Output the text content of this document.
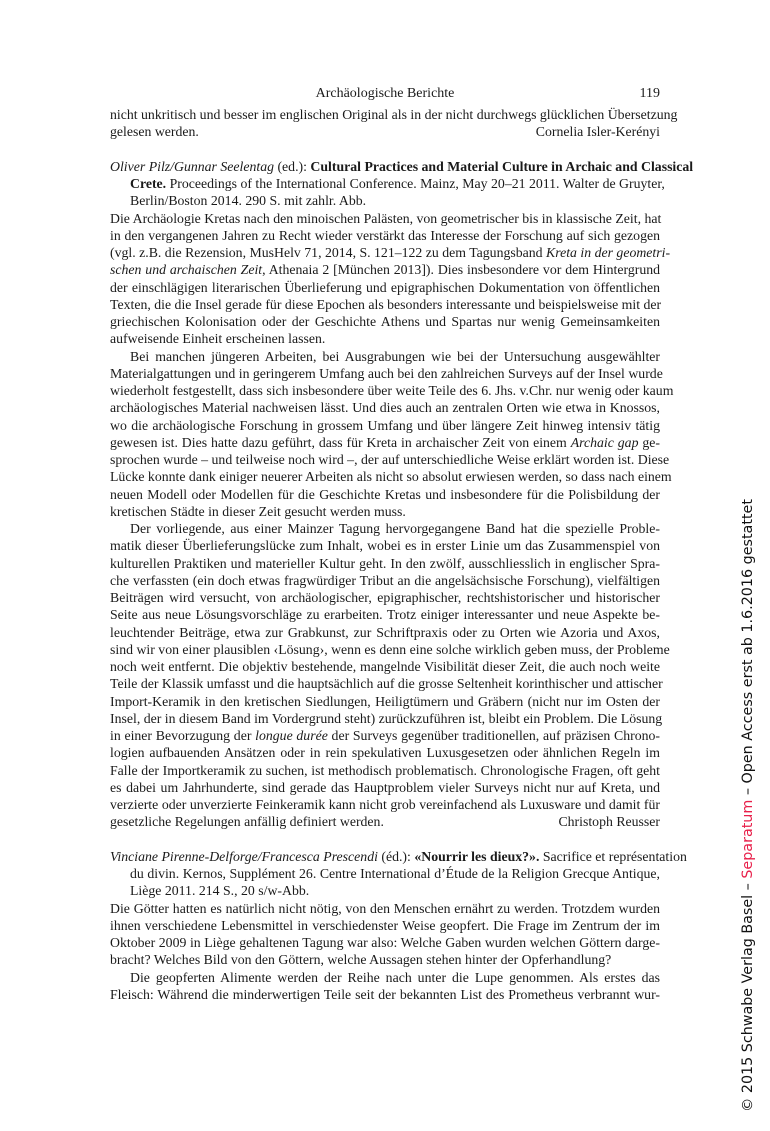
Archäologische Berichte	119
nicht unkritisch und besser im englischen Original als in der nicht durchwegs glücklichen Übersetzung
gelesen werden.	Cornelia Isler-Kerényi
Oliver Pilz/Gunnar Seelentag (ed.): Cultural Practices and Material Culture in Archaic and Classical
Crete. Proceedings of the International Conference. Mainz, May 20–21 2011. Walter de Gruyter,
Berlin/Boston 2014. 290 S. mit zahlr. Abb.
Die Archäologie Kretas nach den minoischen Palästen, von geometrischer bis in klassische Zeit, hat
in den vergangenen Jahren zu Recht wieder verstärkt das Interesse der Forschung auf sich gezogen
(vgl. z.B. die Rezension, MusHelv 71, 2014, S. 121–122 zu dem Tagungsband Kreta in der geometri-
schen und archaischen Zeit, Athenaia 2 [München 2013]). Dies insbesondere vor dem Hintergrund
der einschlägigen literarischen Überlieferung und epigraphischen Dokumentation von öffentlichen
Texten, die die Insel gerade für diese Epochen als besonders interessante und beispielsweise mit der
griechischen Kolonisation oder der Geschichte Athens und Spartas nur wenig Gemeinsamkeiten
aufweisende Einheit erscheinen lassen.
Bei manchen jüngeren Arbeiten, bei Ausgrabungen wie bei der Untersuchung ausgewählter
Materialgattungen und in geringerem Umfang auch bei den zahlreichen Surveys auf der Insel wurde
wiederholt festgestellt, dass sich insbesondere über weite Teile des 6. Jhs. v.Chr. nur wenig oder kaum
archäologisches Material nachweisen lässt. Und dies auch an zentralen Orten wie etwa in Knossos,
wo die archäologische Forschung in grossem Umfang und über längere Zeit hinweg intensiv tätig
gewesen ist. Dies hatte dazu geführt, dass für Kreta in archaischer Zeit von einem Archaic gap ge-
sprochen wurde – und teilweise noch wird –, der auf unterschiedliche Weise erklärt worden ist. Diese
Lücke konnte dank einiger neuerer Arbeiten als nicht so absolut erwiesen werden, so dass nach einem
neuen Modell oder Modellen für die Geschichte Kretas und insbesondere für die Polisbildung der
kretischen Städte in dieser Zeit gesucht werden muss.
Der vorliegende, aus einer Mainzer Tagung hervorgegangene Band hat die spezielle Proble-
matik dieser Überlieferungslücke zum Inhalt, wobei es in erster Linie um das Zusammenspiel von
kulturellen Praktiken und materieller Kultur geht. In den zwölf, ausschliesslich in englischer Spra-
che verfassten (ein doch etwas fragwürdiger Tribut an die angelsächsische Forschung), vielfältigen
Beiträgen wird versucht, von archäologischer, epigraphischer, rechtshistorischer und historischer
Seite aus neue Lösungsvorschläge zu erarbeiten. Trotz einiger interessanter und neue Aspekte be-
leuchtender Beiträge, etwa zur Grabkunst, zur Schriftpraxis oder zu Orten wie Azoria und Axos,
sind wir von einer plausiblen ‹Lösung›, wenn es denn eine solche wirklich geben muss, der Probleme
noch weit entfernt. Die objektiv bestehende, mangelnde Visibilität dieser Zeit, die auch noch weite
Teile der Klassik umfasst und die hauptsächlich auf die grosse Seltenheit korinthischer und attischer
Import-Keramik in den kretischen Siedlungen, Heiligtümern und Gräbern (nicht nur im Osten der
Insel, der in diesem Band im Vordergrund steht) zurückzuführen ist, bleibt ein Problem. Die Lösung
in einer Bevorzugung der longue durée der Surveys gegenüber traditionellen, auf präzisen Chrono-
logien aufbauenden Ansätzen oder in rein spekulativen Luxusgesetzen oder ähnlichen Regeln im
Falle der Importkeramik zu suchen, ist methodisch problematisch. Chronologische Fragen, oft geht
es dabei um Jahrhunderte, sind gerade das Hauptproblem vieler Surveys nicht nur auf Kreta, und
verzierte oder unverzierte Feinkeramik kann nicht grob vereinfachend als Luxusware und damit für
gesetzliche Regelungen anfällig definiert werden.	Christoph Reusser
Vinciane Pirenne-Delforge/Francesca Prescendi (éd.): «Nourrir les dieux?». Sacrifice et représentation
du divin. Kernos, Supplément 26. Centre International d’Étude de la Religion Grecque Antique,
Liège 2011. 214 S., 20 s/w-Abb.
Die Götter hatten es natürlich nicht nötig, von den Menschen ernährt zu werden. Trotzdem wurden
ihnen verschiedene Lebensmittel in verschiedenster Weise geopfert. Die Frage im Zentrum der im
Oktober 2009 in Liège gehaltenen Tagung war also: Welche Gaben wurden welchen Göttern darge-
bracht? Welches Bild von den Göttern, welche Aussagen stehen hinter der Opferhandlung?
Die geopferten Alimente werden der Reihe nach unter die Lupe genommen. Als erstes das
Fleisch: Während die minderwertigen Teile seit der bekannten List des Prometheus verbrannt wur-	© 2015 Schwabe Verlag Basel – Separatum – Open Access erst ab 1.6.2016 gestattet
